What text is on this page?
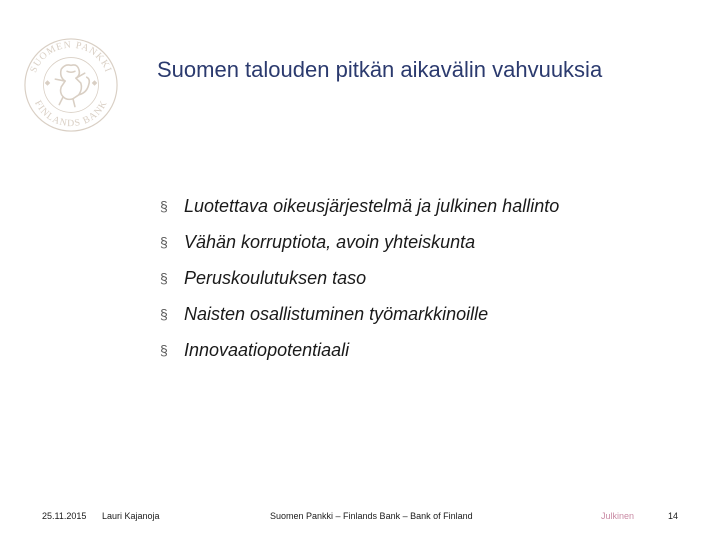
SUOMEN PANKKI
FINLANDS BANK
Suomen talouden pitkän aikavälin vahvuuksia
§ Luotettava oikeusjärjestelmä ja julkinen hallinto
§ Vähän korruptiota, avoin yhteiskunta
§ Peruskoulutuksen taso
§ Naisten osallistuminen työmarkkinoille
§ Innovaatiopotentiaali
25.11.2015 Lauri Kajanoja	Suomen Pankki – Finlands Bank – Bank of Finland	Julkinen	14
